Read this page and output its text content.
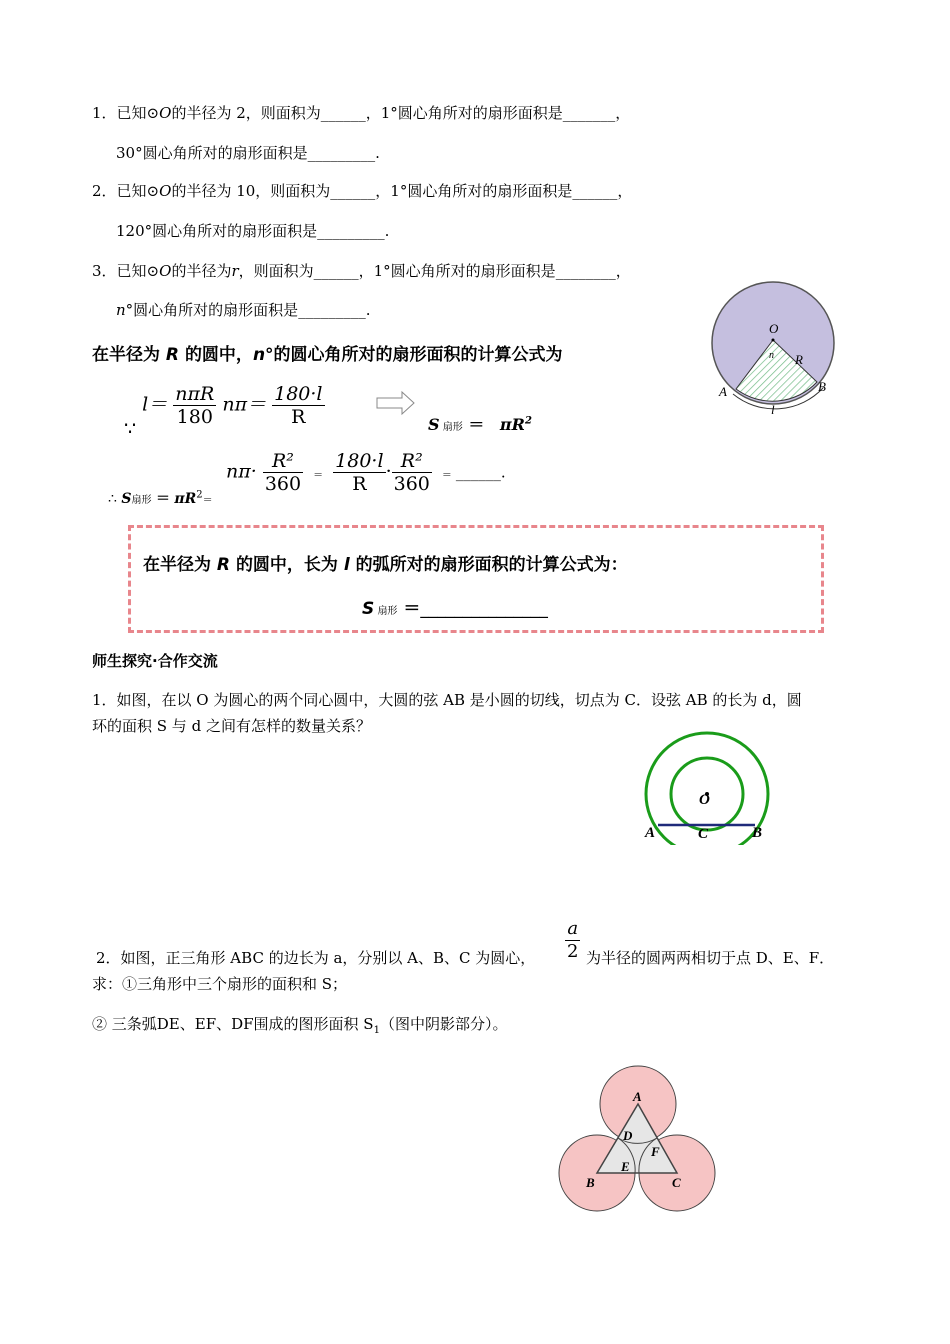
1．已知⊙O的半径为 2，则面积为______，1°圆心角所对的扇形面积是_______，
30°圆心角所对的扇形面积是_________.
2．已知⊙O的半径为 10，则面积为______，1°圆心角所对的扇形面积是______，
120°圆心角所对的扇形面积是_________.
3．已知⊙O的半径为r，则面积为______，1°圆心角所对的扇形面积是________，
n°圆心角所对的扇形面积是_________.
在半径为 R 的圆中，n°的圆心角所对的扇形面积的计算公式为
∵ $l= \frac{\text{nπR}}{180} n\pi= \frac{180\cdot l}{R}$	S 扇形 ＝ $\pi R^2$
∴ S扇形 ＝ $\pi R^2=$
$n\pi\cdot \frac{\text{R²}}{360} = \frac{180\cdot l}{R} \cdot \frac{\text{R²}}{360}$ ＝ ______.
在半径为 R 的圆中，长为 l 的弧所对的扇形面积的计算公式为：
S 扇形 ＝_______________
O
n R
A	B
l
师生探究·合作交流
1．如图，在以 O 为圆心的两个同心圆中，大圆的弦 AB 是小圆的切线，切点为 C．设弦 AB 的长为 d，圆
环的面积 S 与 d 之间有怎样的数量关系？
O
A	C	B
2．如图，正三角形 ABC 的边长为 a，分别以 A、B、C 为圆心， $\frac{a}{2}$ 为半径的圆两两相切于点 D、E、F．
求：①三角形中三个扇形的面积和 S；
② 三条弧DE、EF、DF围成的图形面积 $S_1$（图中阴影部分）。
A
D
F
E
B	C
